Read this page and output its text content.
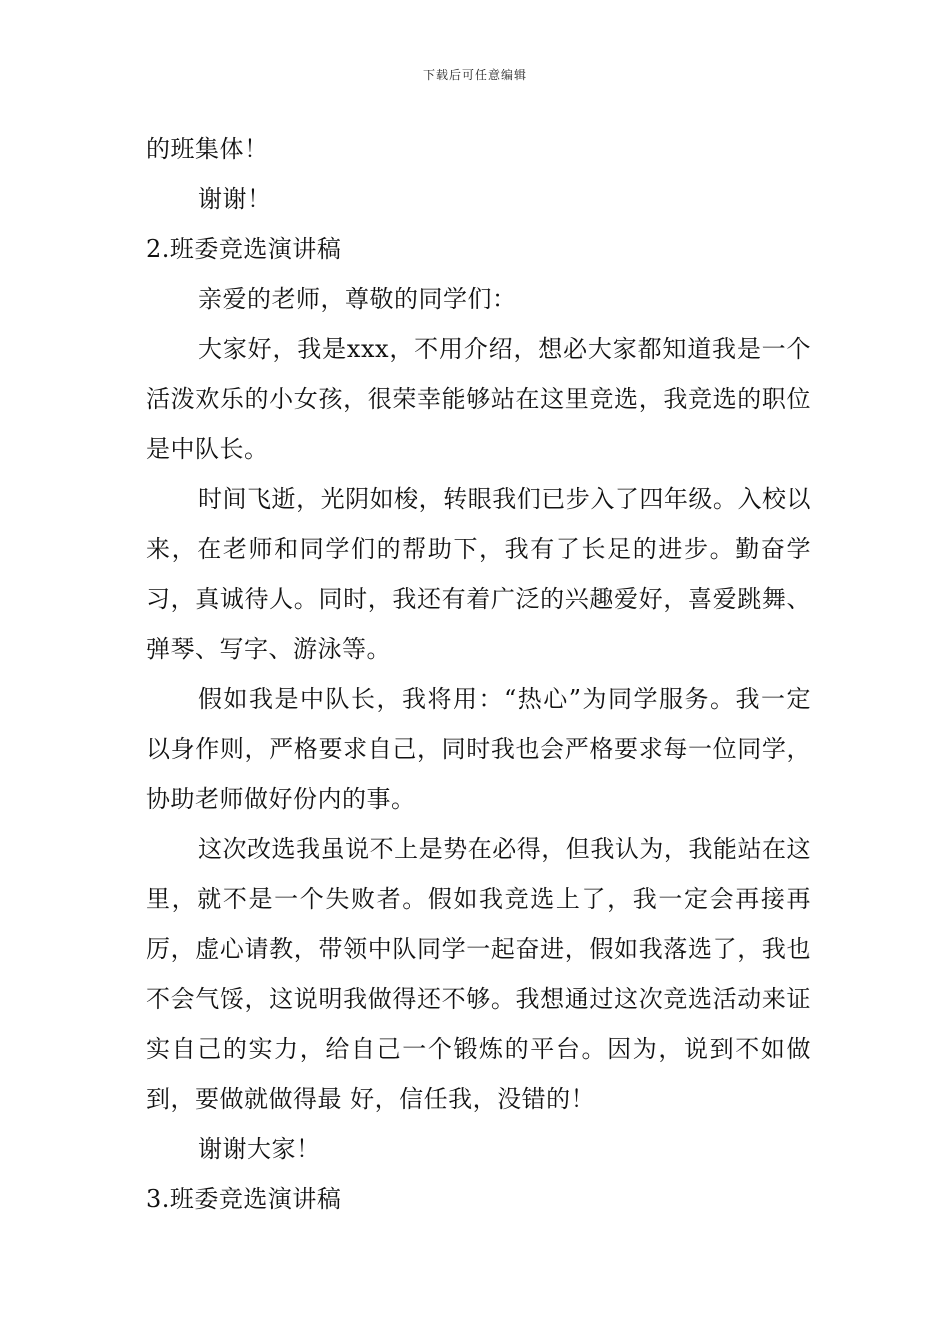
下载后可任意编辑

的班集体！

谢谢！

2.班委竞选演讲稿

亲爱的老师，尊敬的同学们：

大家好，我是xxx，不用介绍，想必大家都知道我是一个活泼欢乐的小女孩，很荣幸能够站在这里竞选，我竞选的职位是中队长。

时间飞逝，光阴如梭，转眼我们已步入了四年级。入校以来，在老师和同学们的帮助下，我有了长足的进步。勤奋学习，真诚待人。同时，我还有着广泛的兴趣爱好，喜爱跳舞、弹琴、写字、游泳等。

假如我是中队长，我将用：“热心”为同学服务。我一定以身作则，严格要求自己，同时我也会严格要求每一位同学，协助老师做好份内的事。

这次改选我虽说不上是势在必得，但我认为，我能站在这里，就不是一个失败者。假如我竞选上了，我一定会再接再厉，虚心请教，带领中队同学一起奋进，假如我落选了，我也不会气馁，这说明我做得还不够。我想通过这次竞选活动来证实自己的实力，给自己一个锻炼的平台。因为，说到不如做到，要做就做得最 好，信任我，没错的！

谢谢大家！

3.班委竞选演讲稿
